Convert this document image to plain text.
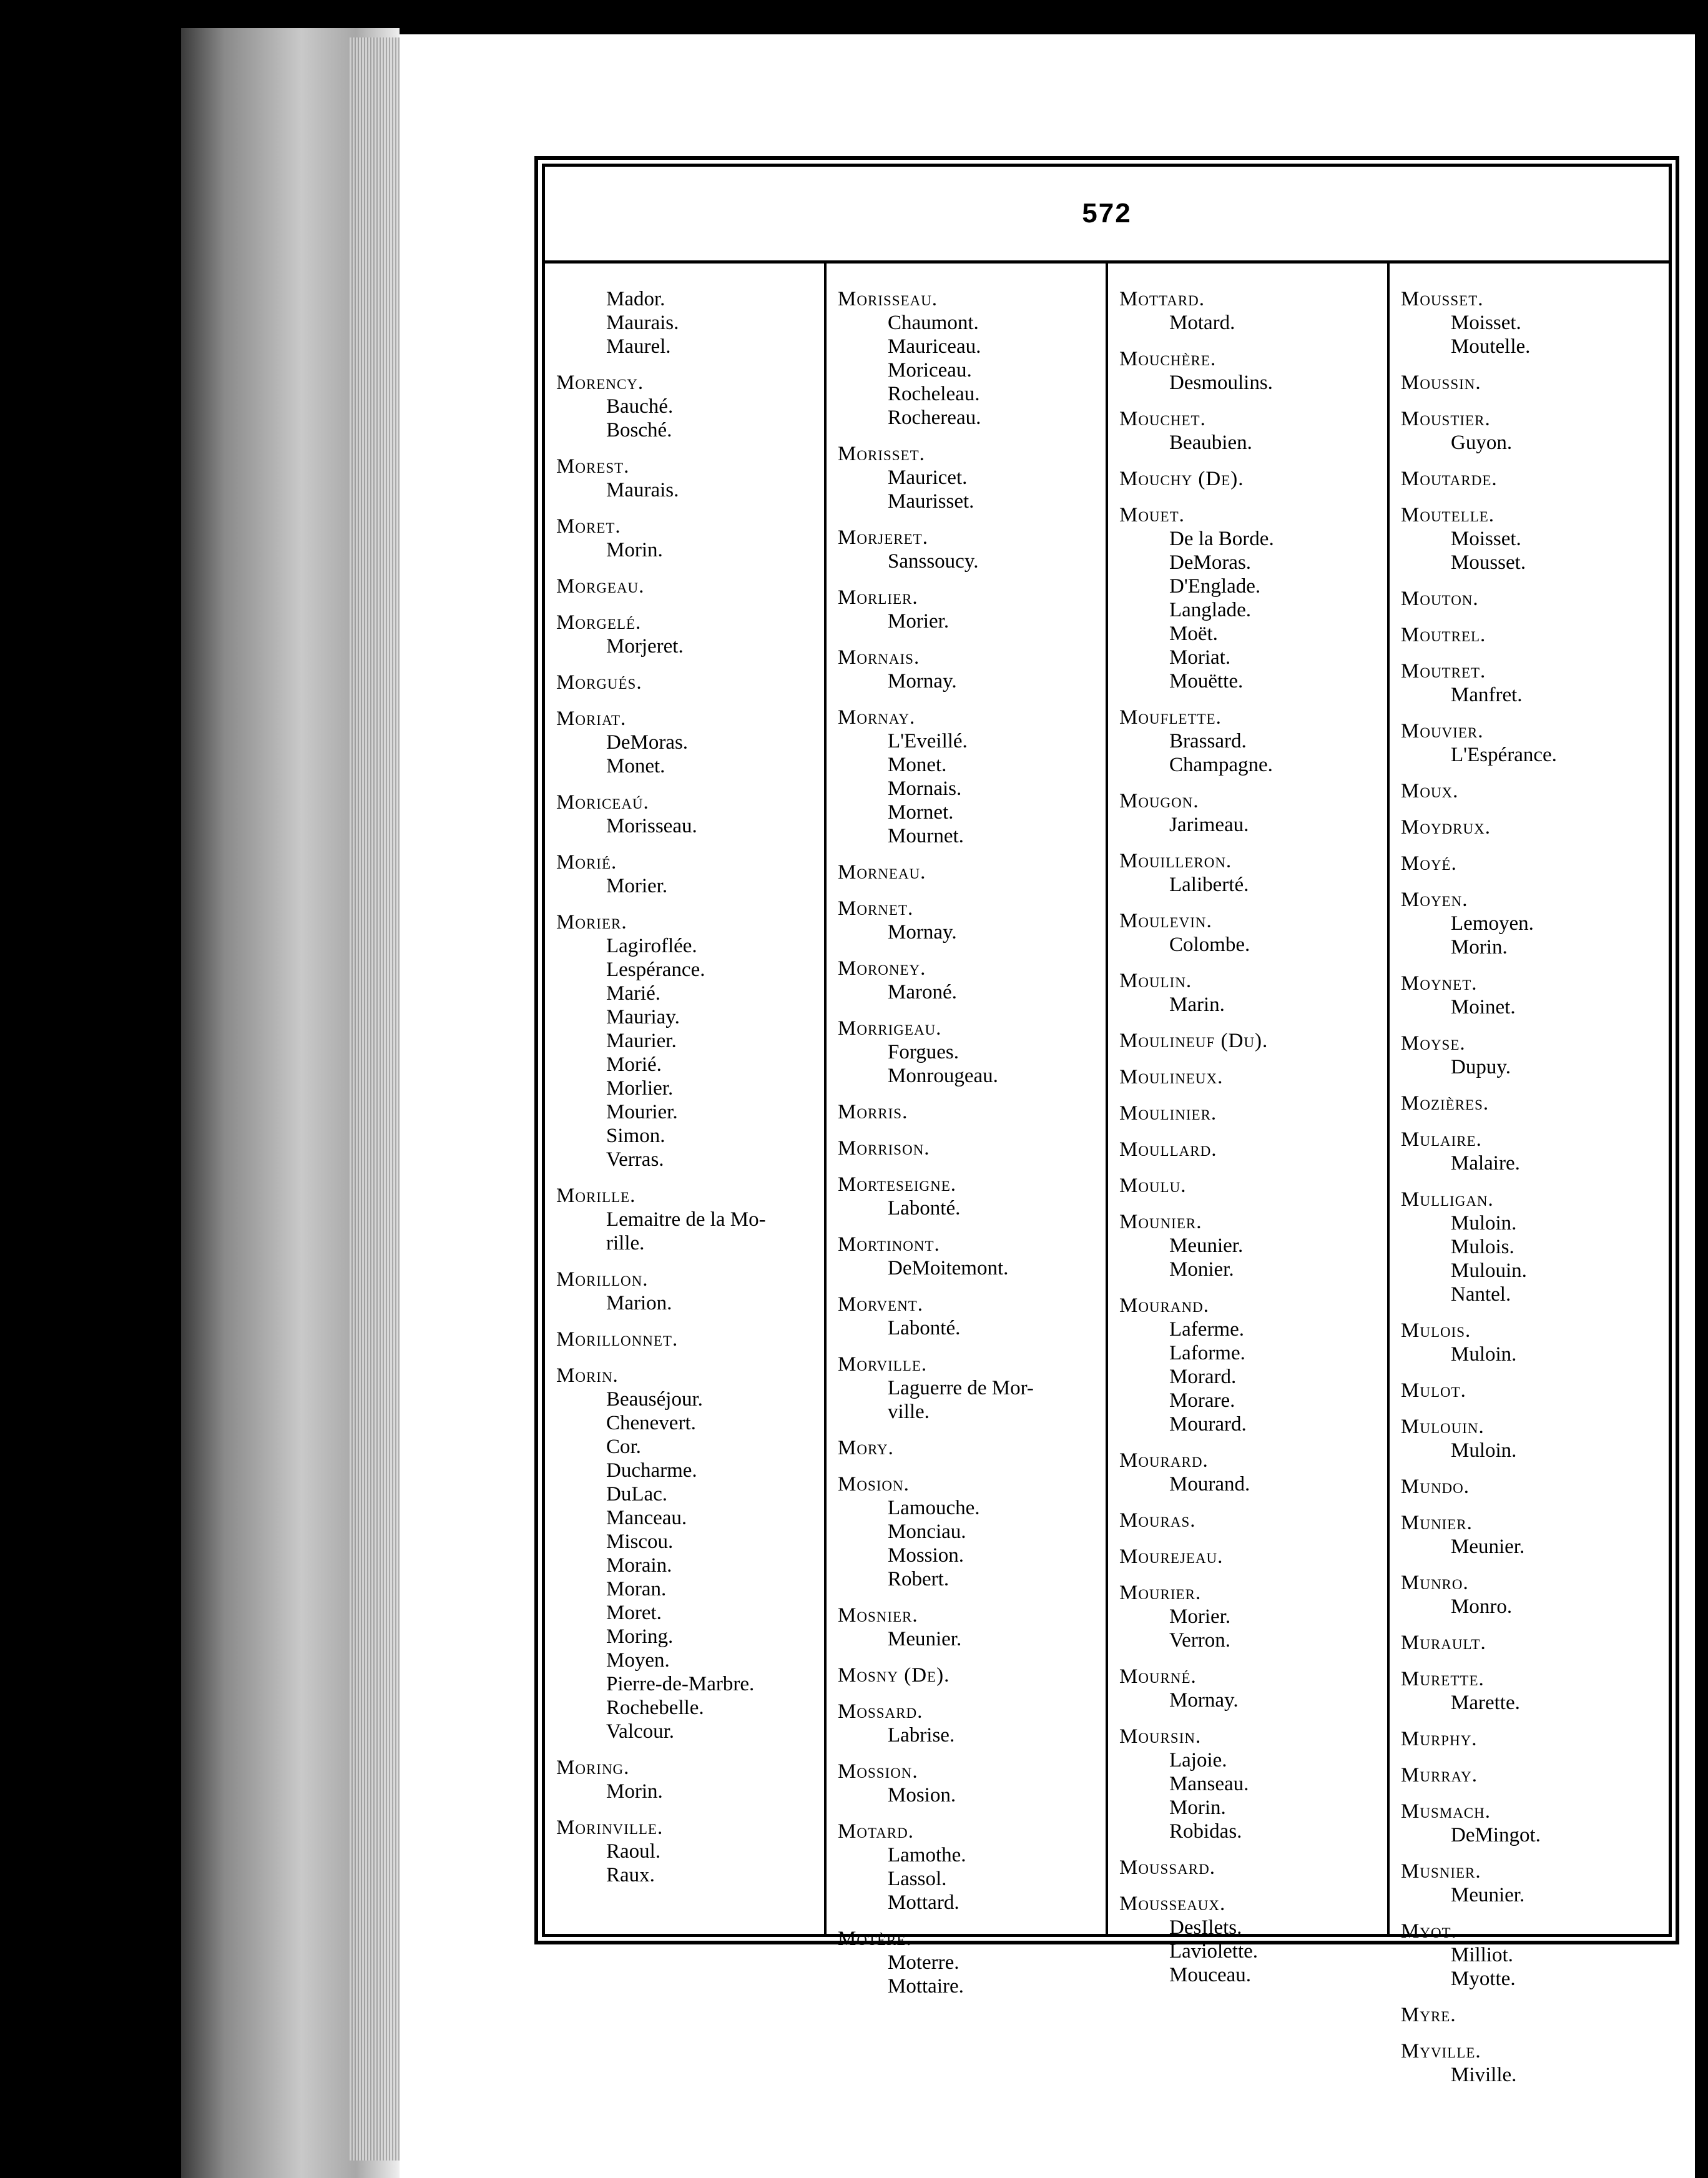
572
Mador.
Maurais.
Maurel.
Morency.
Bauché.
Bosché.
Morest.
Maurais.
Moret.
Morin.
Morgeau.
Morgelé.
Morjeret.
Morgués.
Moriat.
DeMoras.
Monet.
Moriceaú.
Morisseau.
Morié.
Morier.
Morier.
Lagiroflée.
Lespérance.
Marié.
Mauriay.
Maurier.
Morié.
Morlier.
Mourier.
Simon.
Verras.
Morille.
Lemaitre de la Mo-
rille.
Morillon.
Marion.
Morillonnet.
Morin.
Beauséjour.
Chenevert.
Cor.
Ducharme.
DuLac.
Manceau.
Miscou.
Morain.
Moran.
Moret.
Moring.
Moyen.
Pierre-de-Marbre.
Rochebelle.
Valcour.
Moring.
Morin.
Morinville.
Raoul.
Raux.
Morisseau.
Chaumont.
Mauriceau.
Moriceau.
Rocheleau.
Rochereau.
Morisset.
Mauricet.
Maurisset.
Morjeret.
Sanssoucy.
Morlier.
Morier.
Mornais.
Mornay.
Mornay.
L'Eveillé.
Monet.
Mornais.
Mornet.
Mournet.
Morneau.
Mornet.
Mornay.
Moroney.
Maroné.
Morrigeau.
Forgues.
Monrougeau.
Morris.
Morrison.
Morteseigne.
Labonté.
Mortinont.
DeMoitemont.
Morvent.
Labonté.
Morville.
Laguerre de Mor-
ville.
Mory.
Mosion.
Lamouche.
Monciau.
Mossion.
Robert.
Mosnier.
Meunier.
Mosny (De).
Mossard.
Labrise.
Mossion.
Mosion.
Motard.
Lamothe.
Lassol.
Mottard.
Motère.
Moterre.
Mottaire.
Mottard.
Motard.
Mouchère.
Desmoulins.
Mouchet.
Beaubien.
Mouchy (De).
Mouet.
De la Borde.
DeMoras.
D'Englade.
Langlade.
Moët.
Moriat.
Mouëtte.
Mouflette.
Brassard.
Champagne.
Mougon.
Jarimeau.
Mouilleron.
Laliberté.
Moulevin.
Colombe.
Moulin.
Marin.
Moulineuf (Du).
Moulineux.
Moulinier.
Moullard.
Moulu.
Mounier.
Meunier.
Monier.
Mourand.
Laferme.
Laforme.
Morard.
Morare.
Mourard.
Mourard.
Mourand.
Mouras.
Mourejeau.
Mourier.
Morier.
Verron.
Mourné.
Mornay.
Moursin.
Lajoie.
Manseau.
Morin.
Robidas.
Moussard.
Mousseaux.
DesIlets.
Laviolette.
Mouceau.
Mousset.
Moisset.
Moutelle.
Moussin.
Moustier.
Guyon.
Moutarde.
Moutelle.
Moisset.
Mousset.
Mouton.
Moutrel.
Moutret.
Manfret.
Mouvier.
L'Espérance.
Moux.
Moydrux.
Moyé.
Moyen.
Lemoyen.
Morin.
Moynet.
Moinet.
Moyse.
Dupuy.
Mozières.
Mulaire.
Malaire.
Mulligan.
Muloin.
Mulois.
Mulouin.
Nantel.
Mulois.
Muloin.
Mulot.
Mulouin.
Muloin.
Mundo.
Munier.
Meunier.
Munro.
Monro.
Murault.
Murette.
Marette.
Murphy.
Murray.
Musmach.
DeMingot.
Musnier.
Meunier.
Myot.
Milliot.
Myotte.
Myre.
Myville.
Miville.
